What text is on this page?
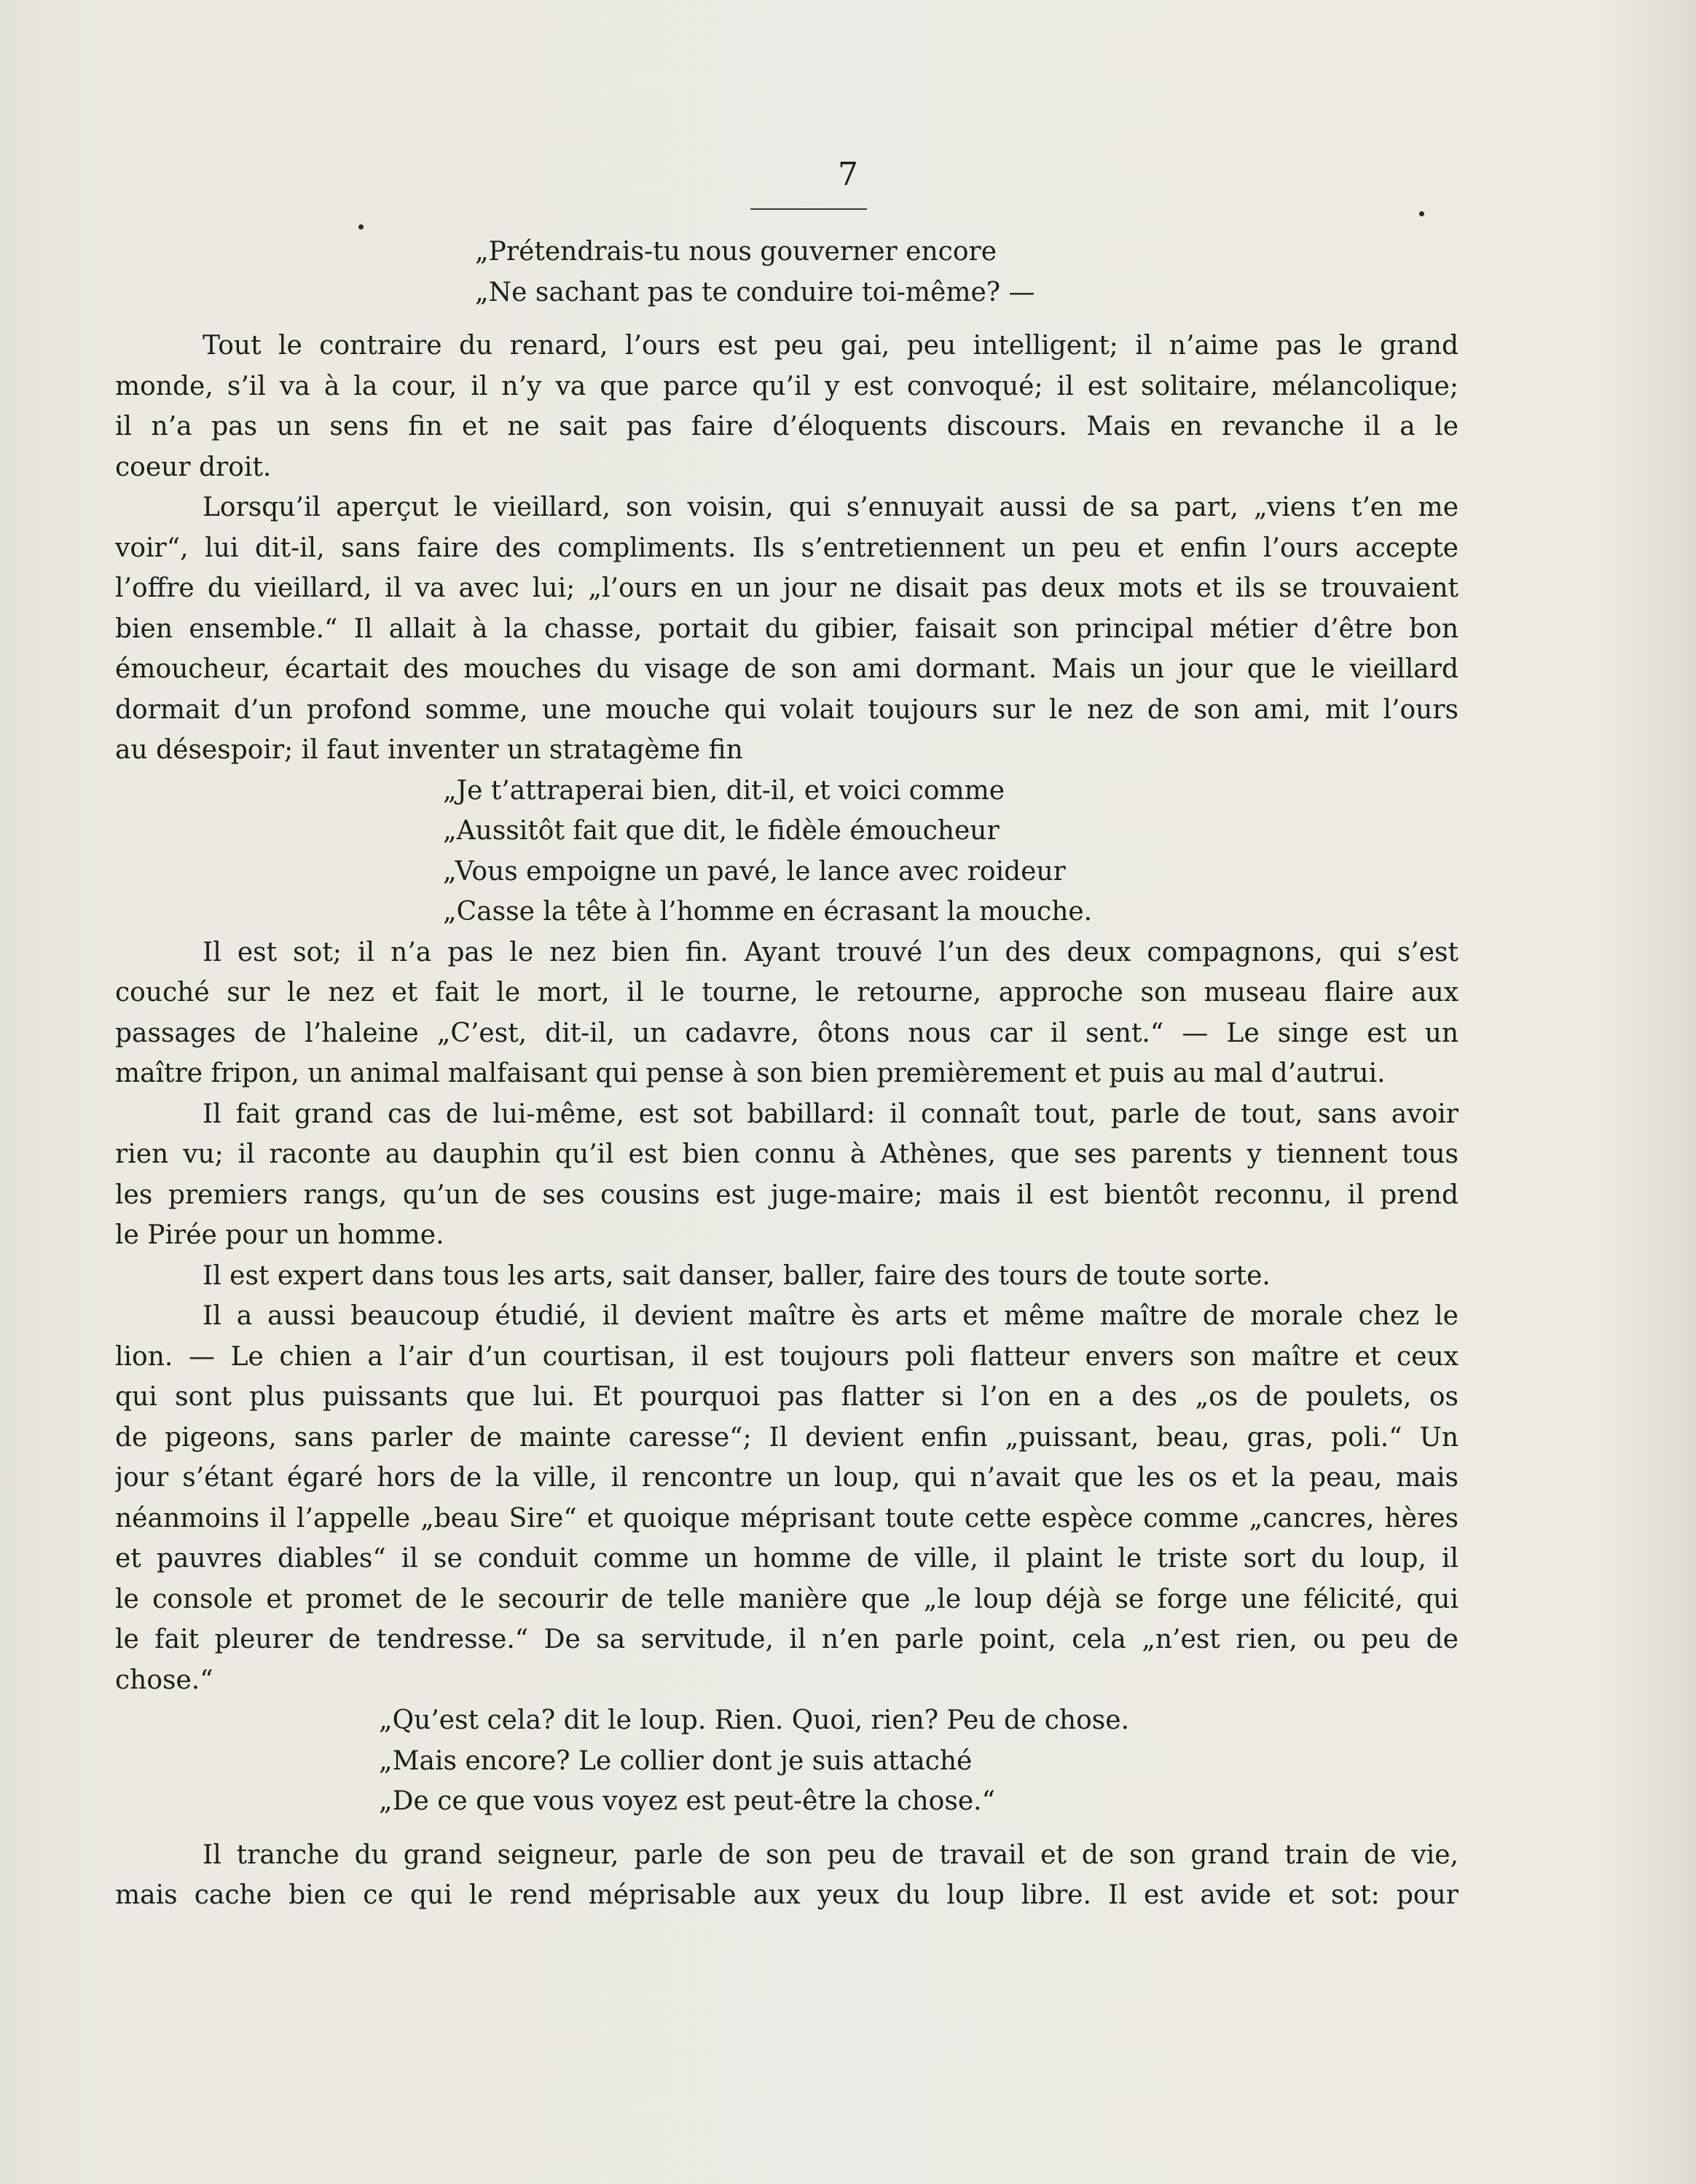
7
„Prétendrais-tu nous gouverner encore
„Ne sachant pas te conduire toi-même? —
Tout le contraire du renard, l’ours est peu gai, peu intelligent; il n’aime pas le grand
monde, s’il va à la cour, il n’y va que parce qu’il y est convoqué; il est solitaire, mélancolique;
il n’a pas un sens fin et ne sait pas faire d’éloquents discours. Mais en revanche il a le
coeur droit.
Lorsqu’il aperçut le vieillard, son voisin, qui s’ennuyait aussi de sa part, „viens t’en me
voir“, lui dit-il, sans faire des compliments. Ils s’entretiennent un peu et enfin l’ours accepte
l’offre du vieillard, il va avec lui; „l’ours en un jour ne disait pas deux mots et ils se trouvaient
bien ensemble.“ Il allait à la chasse, portait du gibier, faisait son principal métier d’être bon
émoucheur, écartait des mouches du visage de son ami dormant. Mais un jour que le vieillard
dormait d’un profond somme, une mouche qui volait toujours sur le nez de son ami, mit l’ours
au désespoir; il faut inventer un stratagème fin
„Je t’attraperai bien, dit-il, et voici comme
„Aussitôt fait que dit, le fidèle émoucheur
„Vous empoigne un pavé, le lance avec roideur
„Casse la tête à l’homme en écrasant la mouche.
Il est sot; il n’a pas le nez bien fin. Ayant trouvé l’un des deux compagnons, qui s’est
couché sur le nez et fait le mort, il le tourne, le retourne, approche son museau flaire aux
passages de l’haleine „C’est, dit-il, un cadavre, ôtons nous car il sent.“ — Le singe est un
maître fripon, un animal malfaisant qui pense à son bien premièrement et puis au mal d’autrui.
Il fait grand cas de lui-même, est sot babillard: il connaît tout, parle de tout, sans avoir
rien vu; il raconte au dauphin qu’il est bien connu à Athènes, que ses parents y tiennent tous
les premiers rangs, qu’un de ses cousins est juge-maire; mais il est bientôt reconnu, il prend
le Pirée pour un homme.
Il est expert dans tous les arts, sait danser, baller, faire des tours de toute sorte.
Il a aussi beaucoup étudié, il devient maître ès arts et même maître de morale chez le
lion. — Le chien a l’air d’un courtisan, il est toujours poli flatteur envers son maître et ceux
qui sont plus puissants que lui. Et pourquoi pas flatter si l’on en a des „os de poulets, os
de pigeons, sans parler de mainte caresse“; Il devient enfin „puissant, beau, gras, poli.“ Un
jour s’étant égaré hors de la ville, il rencontre un loup, qui n’avait que les os et la peau, mais
néanmoins il l’appelle „beau Sire“ et quoique méprisant toute cette espèce comme „cancres, hères
et pauvres diables“ il se conduit comme un homme de ville, il plaint le triste sort du loup, il
le console et promet de le secourir de telle manière que „le loup déjà se forge une félicité, qui
le fait pleurer de tendresse.“ De sa servitude, il n’en parle point, cela „n’est rien, ou peu de
chose.“
„Qu’est cela? dit le loup. Rien. Quoi, rien? Peu de chose.
„Mais encore? Le collier dont je suis attaché
„De ce que vous voyez est peut-être la chose.“
Il tranche du grand seigneur, parle de son peu de travail et de son grand train de vie,
mais cache bien ce qui le rend méprisable aux yeux du loup libre. Il est avide et sot: pour
